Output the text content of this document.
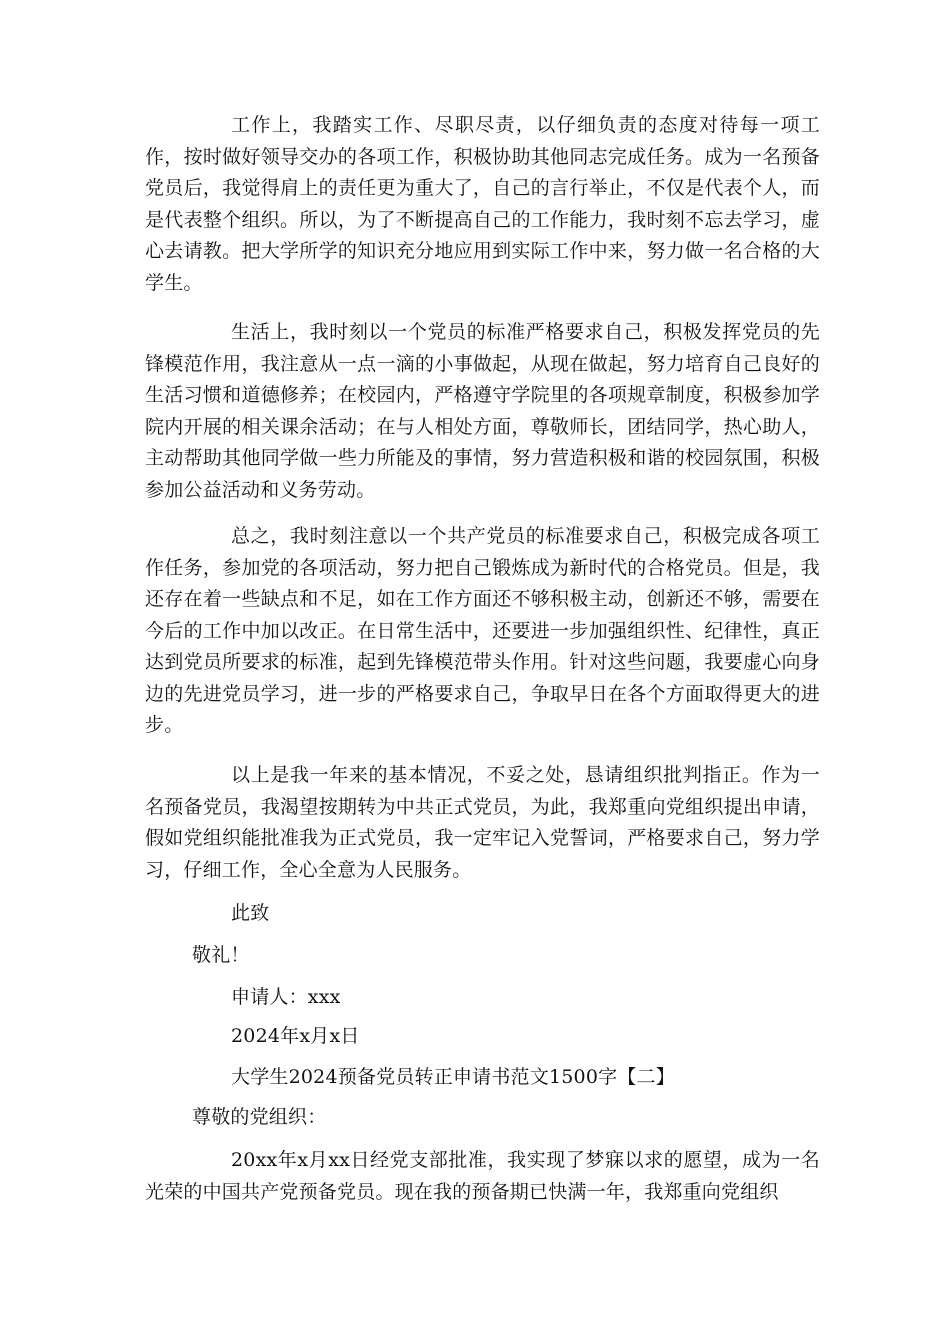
工作上，我踏实工作、尽职尽责，以仔细负责的态度对待每一项工作，按时做好领导交办的各项工作，积极协助其他同志完成任务。成为一名预备党员后，我觉得肩上的责任更为重大了，自己的言行举止，不仅是代表个人，而是代表整个组织。所以，为了不断提高自己的工作能力，我时刻不忘去学习，虚心去请教。把大学所学的知识充分地应用到实际工作中来，努力做一名合格的大学生。

生活上，我时刻以一个党员的标准严格要求自己，积极发挥党员的先锋模范作用，我注意从一点一滴的小事做起，从现在做起，努力培育自己良好的生活习惯和道德修养；在校园内，严格遵守学院里的各项规章制度，积极参加学院内开展的相关课余活动；在与人相处方面，尊敬师长，团结同学，热心助人，主动帮助其他同学做一些力所能及的事情，努力营造积极和谐的校园氛围，积极参加公益活动和义务劳动。

总之，我时刻注意以一个共产党员的标准要求自己，积极完成各项工作任务，参加党的各项活动，努力把自己锻炼成为新时代的合格党员。但是，我还存在着一些缺点和不足，如在工作方面还不够积极主动，创新还不够，需要在今后的工作中加以改正。在日常生活中，还要进一步加强组织性、纪律性，真正达到党员所要求的标准，起到先锋模范带头作用。针对这些问题，我要虚心向身边的先进党员学习，进一步的严格要求自己，争取早日在各个方面取得更大的进步。

以上是我一年来的基本情况，不妥之处，恳请组织批判指正。作为一名预备党员，我渴望按期转为中共正式党员，为此，我郑重向党组织提出申请，假如党组织能批准我为正式党员，我一定牢记入党誓词，严格要求自己，努力学习，仔细工作，全心全意为人民服务。

此致

敬礼！

申请人：xxx

2024年x月x日

大学生2024预备党员转正申请书范文1500字【二】

尊敬的党组织：

20xx年x月xx日经党支部批准，我实现了梦寐以求的愿望，成为一名光荣的中国共产党预备党员。现在我的预备期已快满一年，我郑重向党组织
